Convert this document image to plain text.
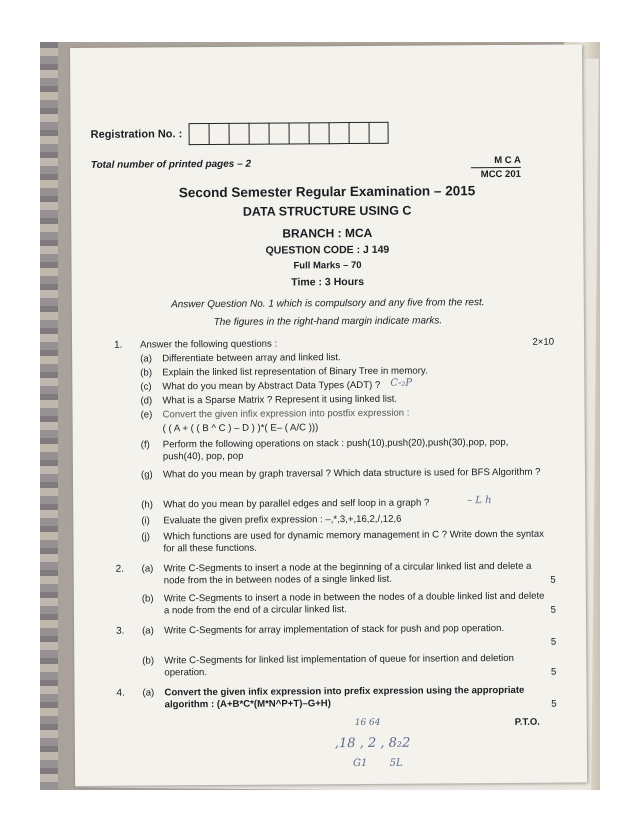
Registration No. :
Total number of printed pages – 2	M C A
MCC 201
Second Semester Regular Examination – 2015
DATA STRUCTURE USING C
BRANCH : MCA
QUESTION CODE : J 149
Full Marks – 70
Time : 3 Hours
Answer Question No. 1 which is compulsory and any five from the rest.
The figures in the right-hand margin indicate marks.
1. Answer the following questions :	2×10
(a) Differentiate between array and linked list.
(b) Explain the linked list representation of Binary Tree in memory.
(c) What do you mean by Abstract Data Types (ADT) ? C-₂P
(d) What is a Sparse Matrix ? Represent it using linked list.
(e) Convert the given infix expression into postfix expression :
( ( A + ( ( B ^ C ) – D ) )*( E– ( A/C )))
(f) Perform the following operations on stack : push(10),push(20),push(30),pop, pop, push(40), pop, pop
(g) What do you mean by graph traversal ? Which data structure is used for BFS Algorithm ?
(h) What do you mean by parallel edges and self loop in a graph ?	– L h
(i) Evaluate the given prefix expression : –,*,3,+,16,2,/,12,6
(j) Which functions are used for dynamic memory management in C ? Write down the syntax for all these functions.
2. (a) Write C-Segments to insert a node at the beginning of a circular linked list and delete a node from the in between nodes of a single linked list.	5
(b) Write C-Segments to insert a node in between the nodes of a double linked list and delete a node from the end of a circular linked list.	5
3. (a) Write C-Segments for array implementation of stack for push and pop operation.
5
(b) Write C-Segments for linked list implementation of queue for insertion and deletion operation.	5
4. (a) Convert the given infix expression into prefix expression using the appropriate algorithm : (A+B*C*(M*N^P+T)–G+H)	5
P.T.O.
16 64
,18 , 2 , 8₂2
G1       5L
